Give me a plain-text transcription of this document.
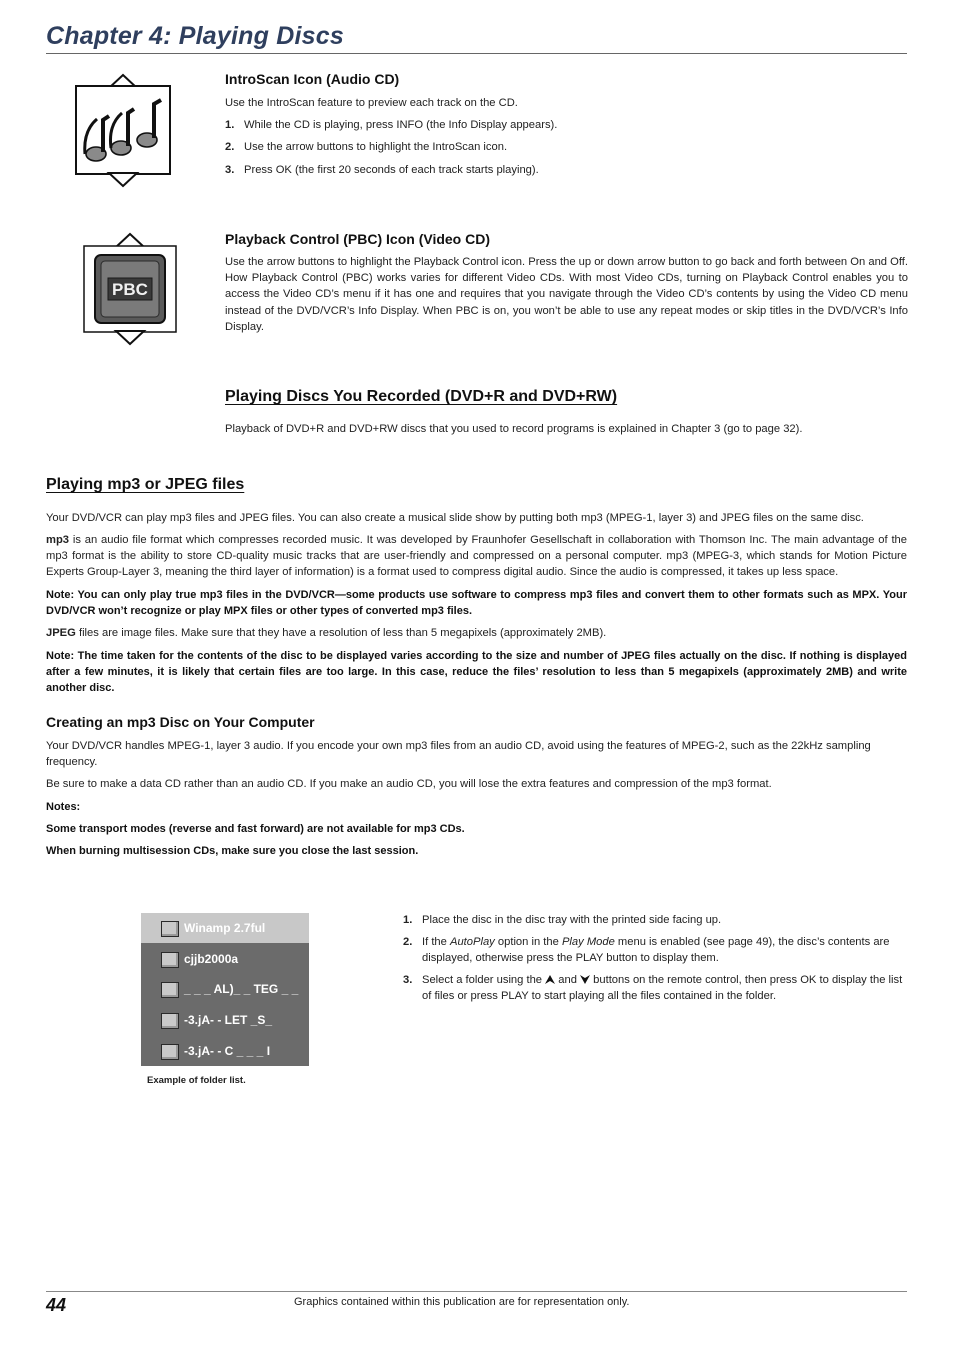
Chapter 4: Playing Discs
IntroScan Icon (Audio CD)
Use the IntroScan feature to preview each track on the CD.
1. While the CD is playing, press INFO (the Info Display appears).
2. Use the arrow buttons to highlight the IntroScan icon.
3. Press OK (the first 20 seconds of each track starts playing).
PBC
Playback Control (PBC) Icon (Video CD)
Use the arrow buttons to highlight the Playback Control icon. Press the up or down arrow button to go back and forth between On and Off. How Playback Control (PBC) works varies for different Video CDs. With most Video CDs, turning on Playback Control enables you to access the Video CD’s menu if it has one and requires that you navigate through the Video CD’s contents by using the Video CD menu instead of the DVD/VCR’s Info Display. When PBC is on, you won’t be able to use any repeat modes or skip titles in the DVD/VCR’s Info Display.
Playing Discs You Recorded (DVD+R and DVD+RW)
Playback of DVD+R and DVD+RW discs that you used to record programs is explained in Chapter 3 (go to page 32).
Playing mp3 or JPEG files
Your DVD/VCR can play mp3 files and JPEG files. You can also create a musical slide show by putting both mp3 (MPEG-1, layer 3) and JPEG files on the same disc.
mp3 is an audio file format which compresses recorded music. It was developed by Fraunhofer Gesellschaft in collaboration with Thomson Inc. The main advantage of the mp3 format is the ability to store CD-quality music tracks that are user-friendly and compressed on a personal computer. mp3 (MPEG-3, which stands for Motion Picture Experts Group-Layer 3, meaning the third layer of information) is a format used to compress digital audio. Since the audio is compressed, it takes up less space.
Note: You can only play true mp3 files in the DVD/VCR—some products use software to compress mp3 files and convert them to other formats such as MPX. Your DVD/VCR won’t recognize or play MPX files or other types of converted mp3 files.
JPEG files are image files. Make sure that they have a resolution of less than 5 megapixels (approximately 2MB).
Note: The time taken for the contents of the disc to be displayed varies according to the size and number of JPEG files actually on the disc. If nothing is displayed after a few minutes, it is likely that certain files are too large. In this case, reduce the files’ resolution to less than 5 megapixels (approximately 2MB) and write another disc.
Creating an mp3 Disc on Your Computer
Your DVD/VCR handles MPEG-1, layer 3 audio. If you encode your own mp3 files from an audio CD, avoid using the features of MPEG-2, such as the 22kHz sampling frequency.
Be sure to make a data CD rather than an audio CD. If you make an audio CD, you will lose the extra features and compression of the mp3 format.
Notes:
Some transport modes (reverse and fast forward) are not available for mp3 CDs.
When burning multisession CDs, make sure you close the last session.
Winamp 2.7ful
cjjb2000a
_ _ _ AL)_ _ TEG _ _
-3.jA- - LET _S_
-3.jA- - C _ _ _ I
Example of folder list.
1. Place the disc in the disc tray with the printed side facing up.
2. If the AutoPlay option in the Play Mode menu is enabled (see page 49), the disc’s contents are displayed, otherwise press the PLAY button to display them.
3. Select a folder using the  and  buttons on the remote control, then press OK to display the list of files or press PLAY to start playing all the files contained in the folder.
44	Graphics contained within this publication are for representation only.
